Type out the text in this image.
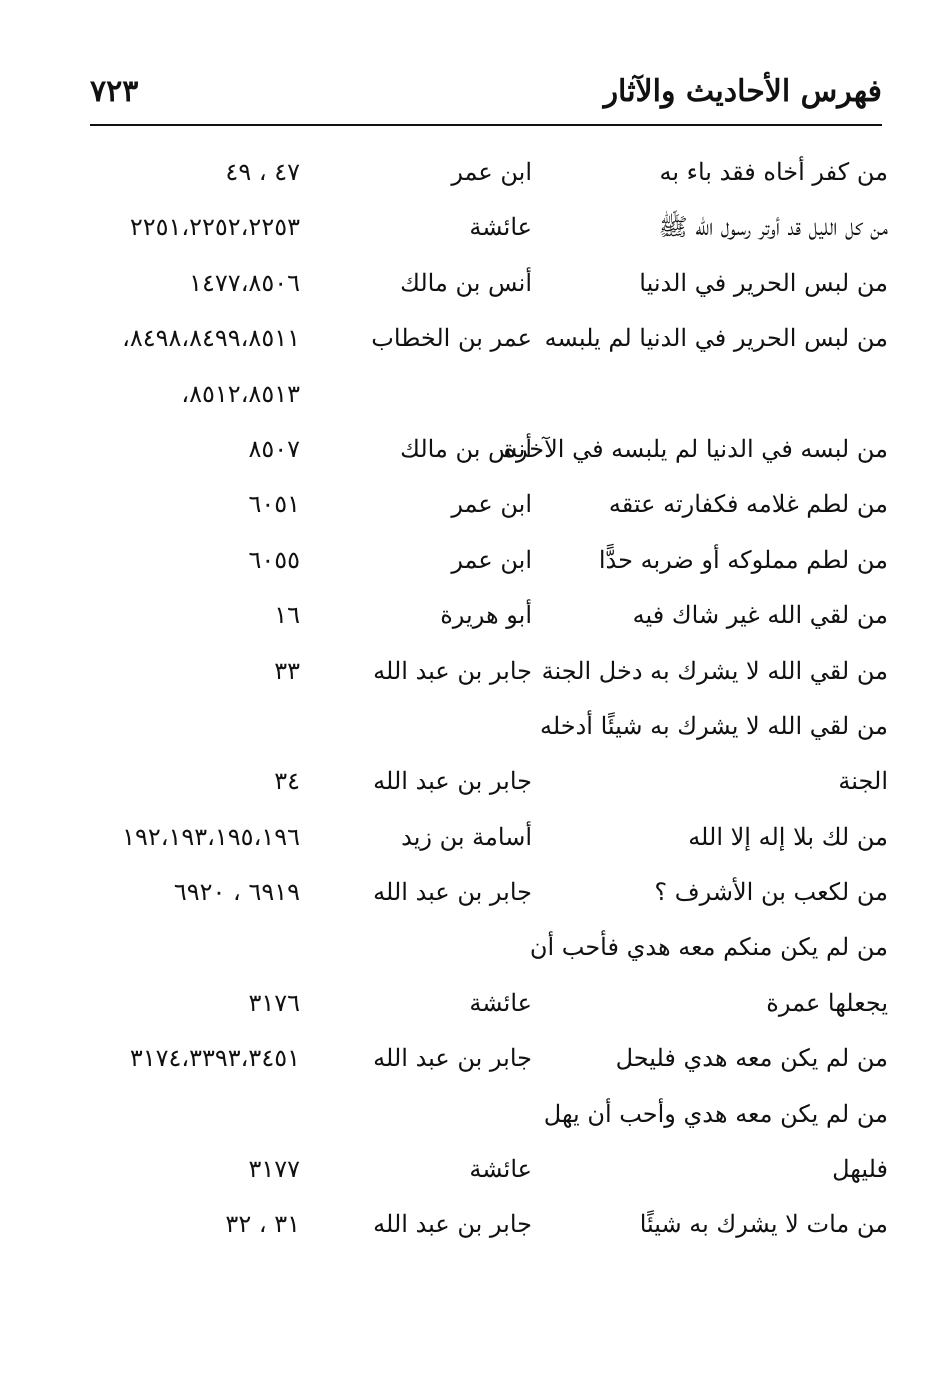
فهرس الأحاديث والآثار
٧٢٣
من كفر أخاه فقد باء به
ابن عمر
٤٧ ، ٤٩
من كل الليل قد أوتر رسول الله ﷺ
عائشة
٢٢٥١،٢٢٥٢،٢٢٥٣
من لبس الحرير في الدنيا
أنس بن مالك
١٤٧٧،٨٥٠٦
من لبس الحرير في الدنيا لم يلبسه
عمر بن الخطاب
٨٤٩٨،٨٤٩٩،٨٥١١،
٨٥١٢،٨٥١٣،
من لبسه في الدنيا لم يلبسه في الآخرة
أنس بن مالك
٨٥٠٧
من لطم غلامه فكفارته عتقه
ابن عمر
٦٠٥١
من لطم مملوكه أو ضربه حدًّا
ابن عمر
٦٠٥٥
من لقي الله غير شاك فيه
أبو هريرة
١٦
من لقي الله لا يشرك به دخل الجنة
جابر بن عبد الله
٣٣
من لقي الله لا يشرك به شيئًا أدخله
الجنة
جابر بن عبد الله
٣٤
من لك بلا إله إلا الله
أسامة بن زيد
١٩٢،١٩٣،١٩٥،١٩٦
من لكعب بن الأشرف ؟
جابر بن عبد الله
٦٩١٩ ، ٦٩٢٠
من لم يكن منكم معه هدي فأحب أن
يجعلها عمرة
عائشة
٣١٧٦
من لم يكن معه هدي فليحل
جابر بن عبد الله
٣١٧٤،٣٣٩٣،٣٤٥١
من لم يكن معه هدي وأحب أن يهل
فليهل
عائشة
٣١٧٧
من مات لا يشرك به شيئًا
جابر بن عبد الله
٣١ ، ٣٢
